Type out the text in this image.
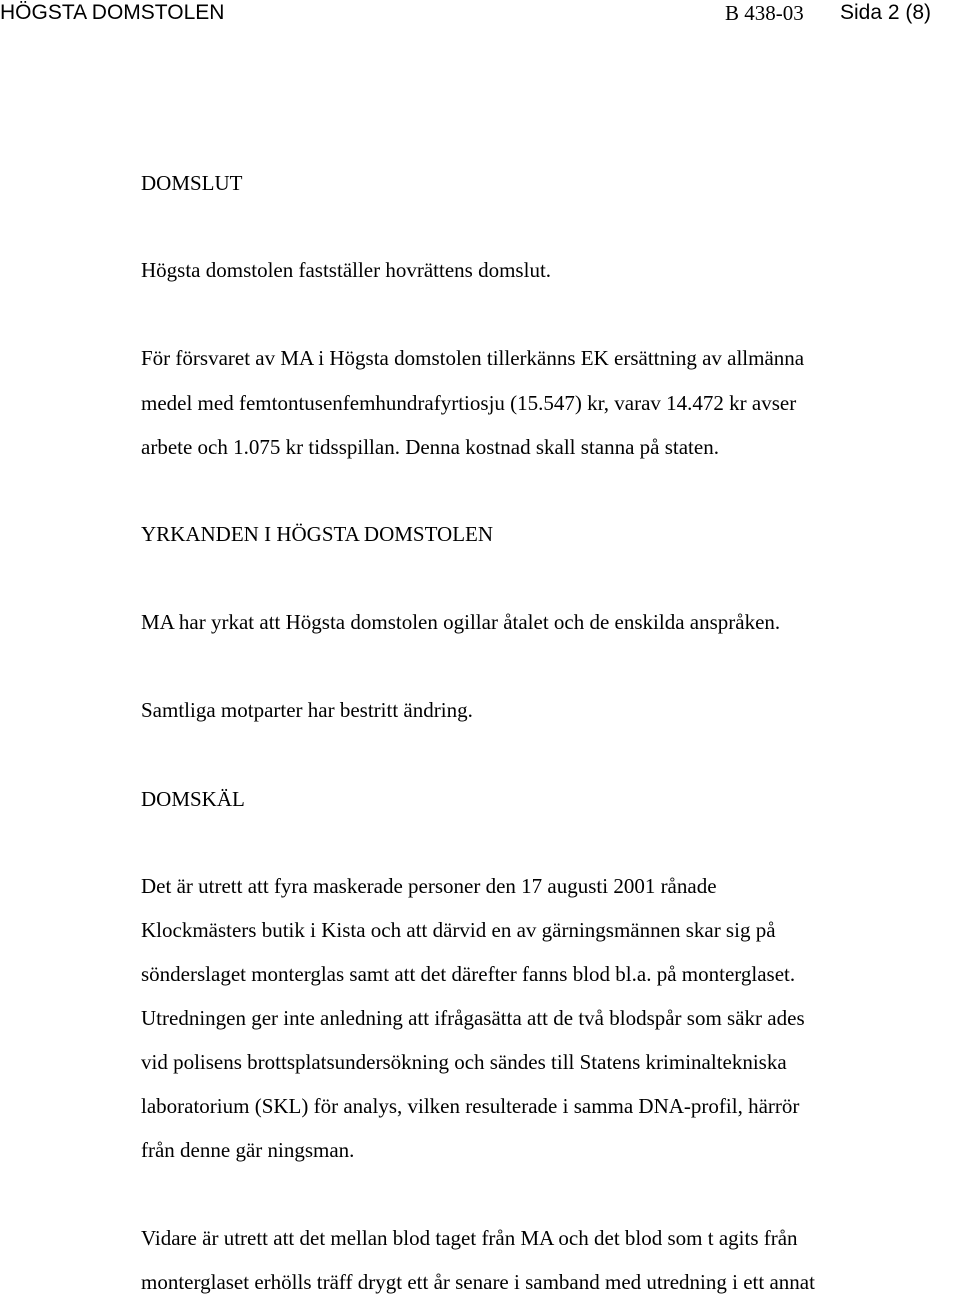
HÖGSTA DOMSTOLEN	B 438-03 Sida 2 (8)
DOMSLUT
Högsta domstolen fastställer hovrättens domslut.
För försvaret av MA i Högsta domstolen tillerkänns EK ersättning av allmänna
medel med femtontusenfemhundrafyrtiosju (15.547) kr, varav 14.472 kr avser
arbete och 1.075 kr tidsspillan. Denna kostnad skall stanna på staten.
YRKANDEN I HÖGSTA DOMSTOLEN
MA har yrkat att Högsta domstolen ogillar åtalet och de enskilda anspråken.
Samtliga motparter har bestritt ändring.
DOMSKÄL
Det är utrett att fyra maskerade personer den 17 augusti 2001 rånade
Klockmästers butik i Kista och att därvid en av gärningsmännen skar sig på
sönderslaget monterglas samt att det därefter fanns blod bl.a. på monterglaset.
Utredningen ger inte anledning att ifrågasätta att de två blodspår som säkr ades
vid polisens brottsplatsundersökning och sändes till Statens kriminaltekniska
laboratorium (SKL) för analys, vilken resulterade i samma DNA-profil, härrör
från denne gär ningsman.
Vidare är utrett att det mellan blod taget från MA och det blod som t agits från
monterglaset erhölls träff drygt ett år senare i samband med utredning i ett annat
